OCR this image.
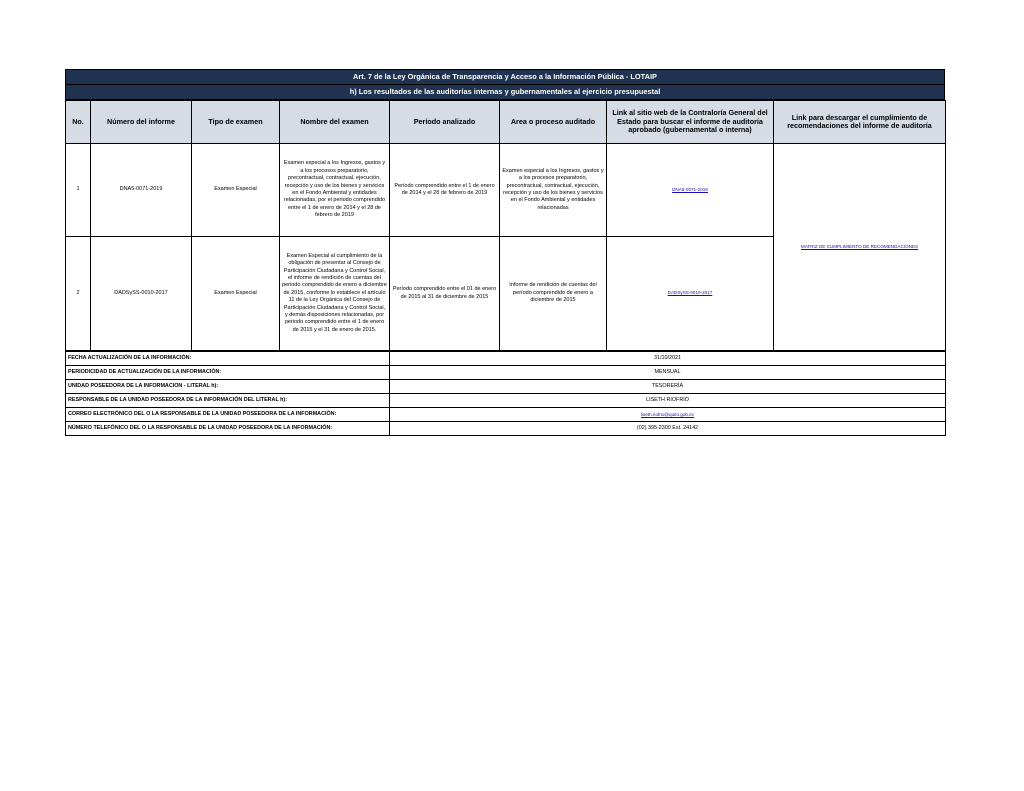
Art. 7 de la Ley Orgánica de Transparencia y Acceso a la Información Pública - LOTAIP
h) Los resultados de las auditorías internas y gubernamentales al ejercicio presupuestal
No.	Número del informe	Tipo de examen	Nombre del examen	Período analizado	Area o proceso auditado	Link al sitio web de la Contraloría General del Estado para buscar el informe de auditoría aprobado (gubernamental o interna)	Link para descargar el cumplimiento de recomendaciones del informe de auditoría
1	DNA5-0071-2019	Examen Especial	Examen especial a los Ingresos, gastos y a los procesos preparatorio, precontractual, contractual, ejecución, recepción y uso de los bienes y servicios en el Fondo Ambiental y entidades relacionadas, por el periodo comprendido entre el 1 de enero de 2014 y el 28 de febrero de 2019	Período comprendido entre el 1 de enero de 2014 y el 28 de febrero de 2019	Examen especial a los Ingresos, gastos y a los procesos preparatorio, precontractual, contractual, ejecución, recepción y uso de los bienes y servicios en el Fondo Ambiental y entidades relacionadas	DNA5-0071-2019	MATRIZ DE CUMPLIMIENTO DE RECOMENDACIONES
2	DADSySS-0010-2017	Examen Especial	Examen Especial al cumplimiento de la obligación de presentar al Consejo de Participación Ciudadana y Control Social, el informe de rendición de cuentas del periodo comprendido de enero a diciembre de 2015, conforme lo establece el artículo 11 de la Ley Orgánica del Consejo de Participación Ciudadana y Control Social, y demás disposiciones relacionadas, por periodo comprendido entre el 1 de enero de 2015 y el 31 de enero de 2015.	Período comprendido entre el 01 de enero de 2015 al 31 de diciembre de 2015	Informe de rendición de cuentas del período comprendido de enero a diciembre de 2015	DADSySS-0010-2017	
FECHA ACTUALIZACIÓN DE LA INFORMACIÓN:	31/10/2021
PERIODICIDAD DE ACTUALIZACIÓN DE LA INFORMACIÓN:	MENSUAL
UNIDAD POSEEDORA DE LA INFORMACION - LITERAL h):	TESORERÍA
RESPONSABLE DE LA UNIDAD POSEEDORA DE LA INFORMACIÓN DEL LITERAL h):	LISETH RIOFRIO
CORREO ELECTRÓNICO DEL O LA RESPONSABLE DE LA UNIDAD POSEEDORA DE LA INFORMACIÓN:	liseth.riofrio@quito.gob.ec
NÚMERO TELEFÓNICO DEL O LA RESPONSABLE DE LA UNIDAD POSEEDORA DE LA INFORMACIÓN:	(02) 395-2300 Ext. 24142
